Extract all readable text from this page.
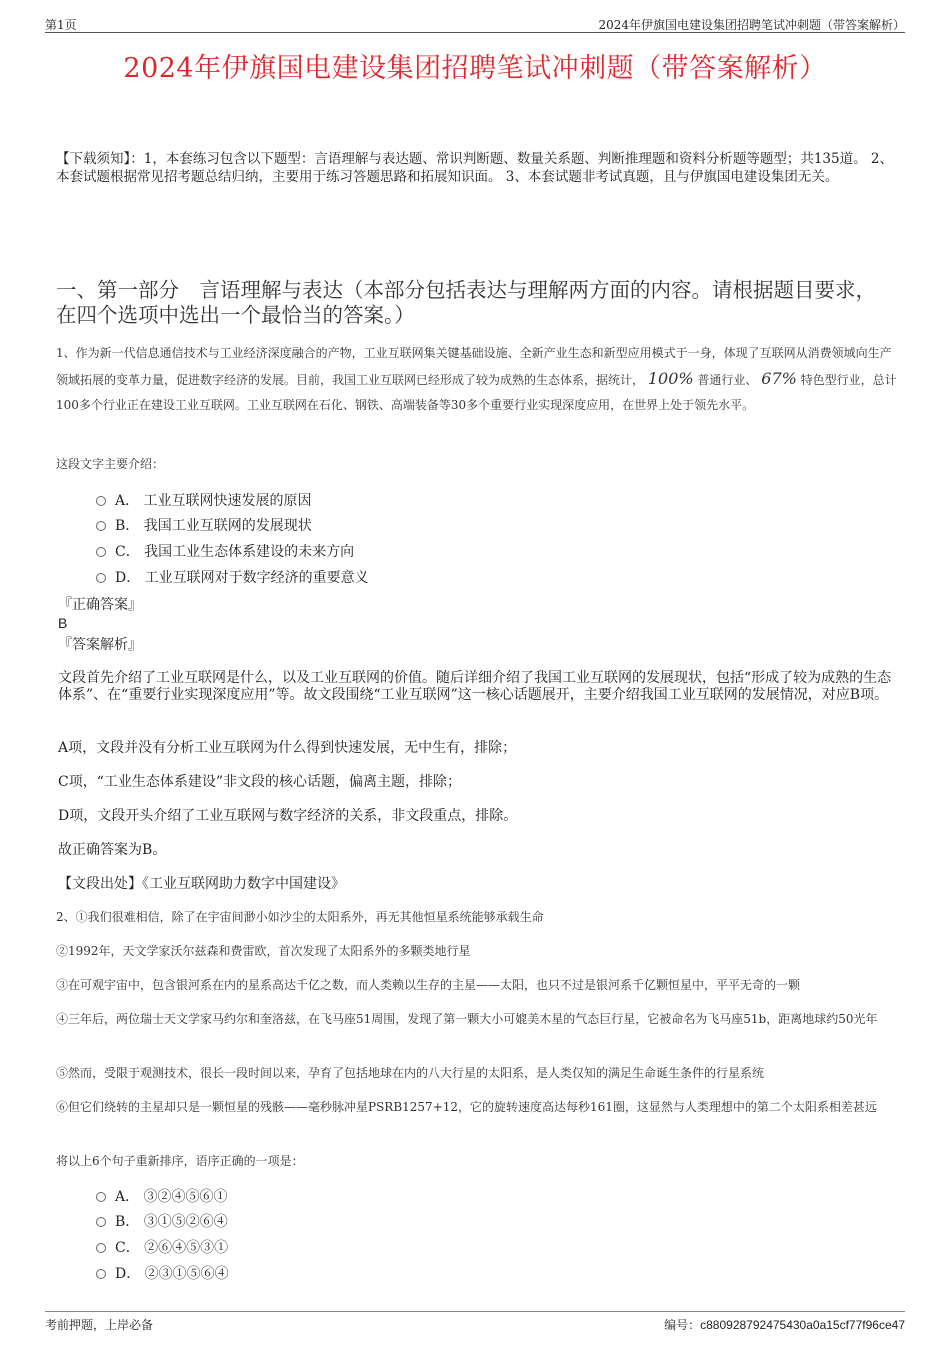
第1页	2024年伊旗国电建设集团招聘笔试冲刺题（带答案解析）
2024年伊旗国电建设集团招聘笔试冲刺题（带答案解析）
【下载须知】：1，本套练习包含以下题型：言语理解与表达题、常识判断题、数量关系题、判断推理题和资料分析题等题型；共135道。 2、本套试题根据常见招考题总结归纳，主要用于练习答题思路和拓展知识面。 3、本套试题非考试真题，且与伊旗国电建设集团无关。
一、第一部分　言语理解与表达（本部分包括表达与理解两方面的内容。请根据题目要求，在四个选项中选出一个最恰当的答案。）
1、作为新一代信息通信技术与工业经济深度融合的产物，工业互联网集关键基础设施、全新产业生态和新型应用模式于一身，体现了互联网从消费领域向生产领域拓展的变革力量，促进数字经济的发展。目前，我国工业互联网已经形成了较为成熟的生态体系，据统计， 100% 普通行业、 67% 特色型行业，总计100多个行业正在建设工业互联网。工业互联网在石化、钢铁、高端装备等30多个重要行业实现深度应用，在世界上处于领先水平。
这段文字主要介绍：
A． 工业互联网快速发展的原因
B． 我国工业互联网的发展现状
C． 我国工业生态体系建设的未来方向
D． 工业互联网对于数字经济的重要意义
『正确答案』
B
『答案解析』
文段首先介绍了工业互联网是什么，以及工业互联网的价值。随后详细介绍了我国工业互联网的发展现状，包括“形成了较为成熟的生态体系”、在“重要行业实现深度应用”等。故文段围绕“工业互联网”这一核心话题展开，主要介绍我国工业互联网的发展情况，对应B项。
A项，文段并没有分析工业互联网为什么得到快速发展，无中生有，排除；
C项，“工业生态体系建设”非文段的核心话题，偏离主题，排除；
D项，文段开头介绍了工业互联网与数字经济的关系，非文段重点，排除。
故正确答案为B。
【文段出处】《工业互联网助力数字中国建设》
2、①我们很难相信，除了在宇宙间渺小如沙尘的太阳系外，再无其他恒星系统能够承载生命
②1992年，天文学家沃尔兹森和费雷欧，首次发现了太阳系外的多颗类地行星
③在可观宇宙中，包含银河系在内的星系高达千亿之数，而人类赖以生存的主星——太阳，也只不过是银河系千亿颗恒星中，平平无奇的一颗
④三年后，两位瑞士天文学家马约尔和奎洛兹，在飞马座51周围，发现了第一颗大小可媲美木星的气态巨行星，它被命名为飞马座51b，距离地球约50光年
⑤然而，受限于观测技术，很长一段时间以来，孕育了包括地球在内的八大行星的太阳系，是人类仅知的满足生命诞生条件的行星系统
⑥但它们绕转的主星却只是一颗恒星的残骸——毫秒脉冲星PSRB1257+12，它的旋转速度高达每秒161圈，这显然与人类理想中的第二个太阳系相差甚远
将以上6个句子重新排序，语序正确的一项是：
A． ③②④⑤⑥①
B． ③①⑤②⑥④
C． ②⑥④⑤③①
D． ②③①⑤⑥④
考前押题，上岸必备	编号：c880928792475430a0a15cf77f96ce47
